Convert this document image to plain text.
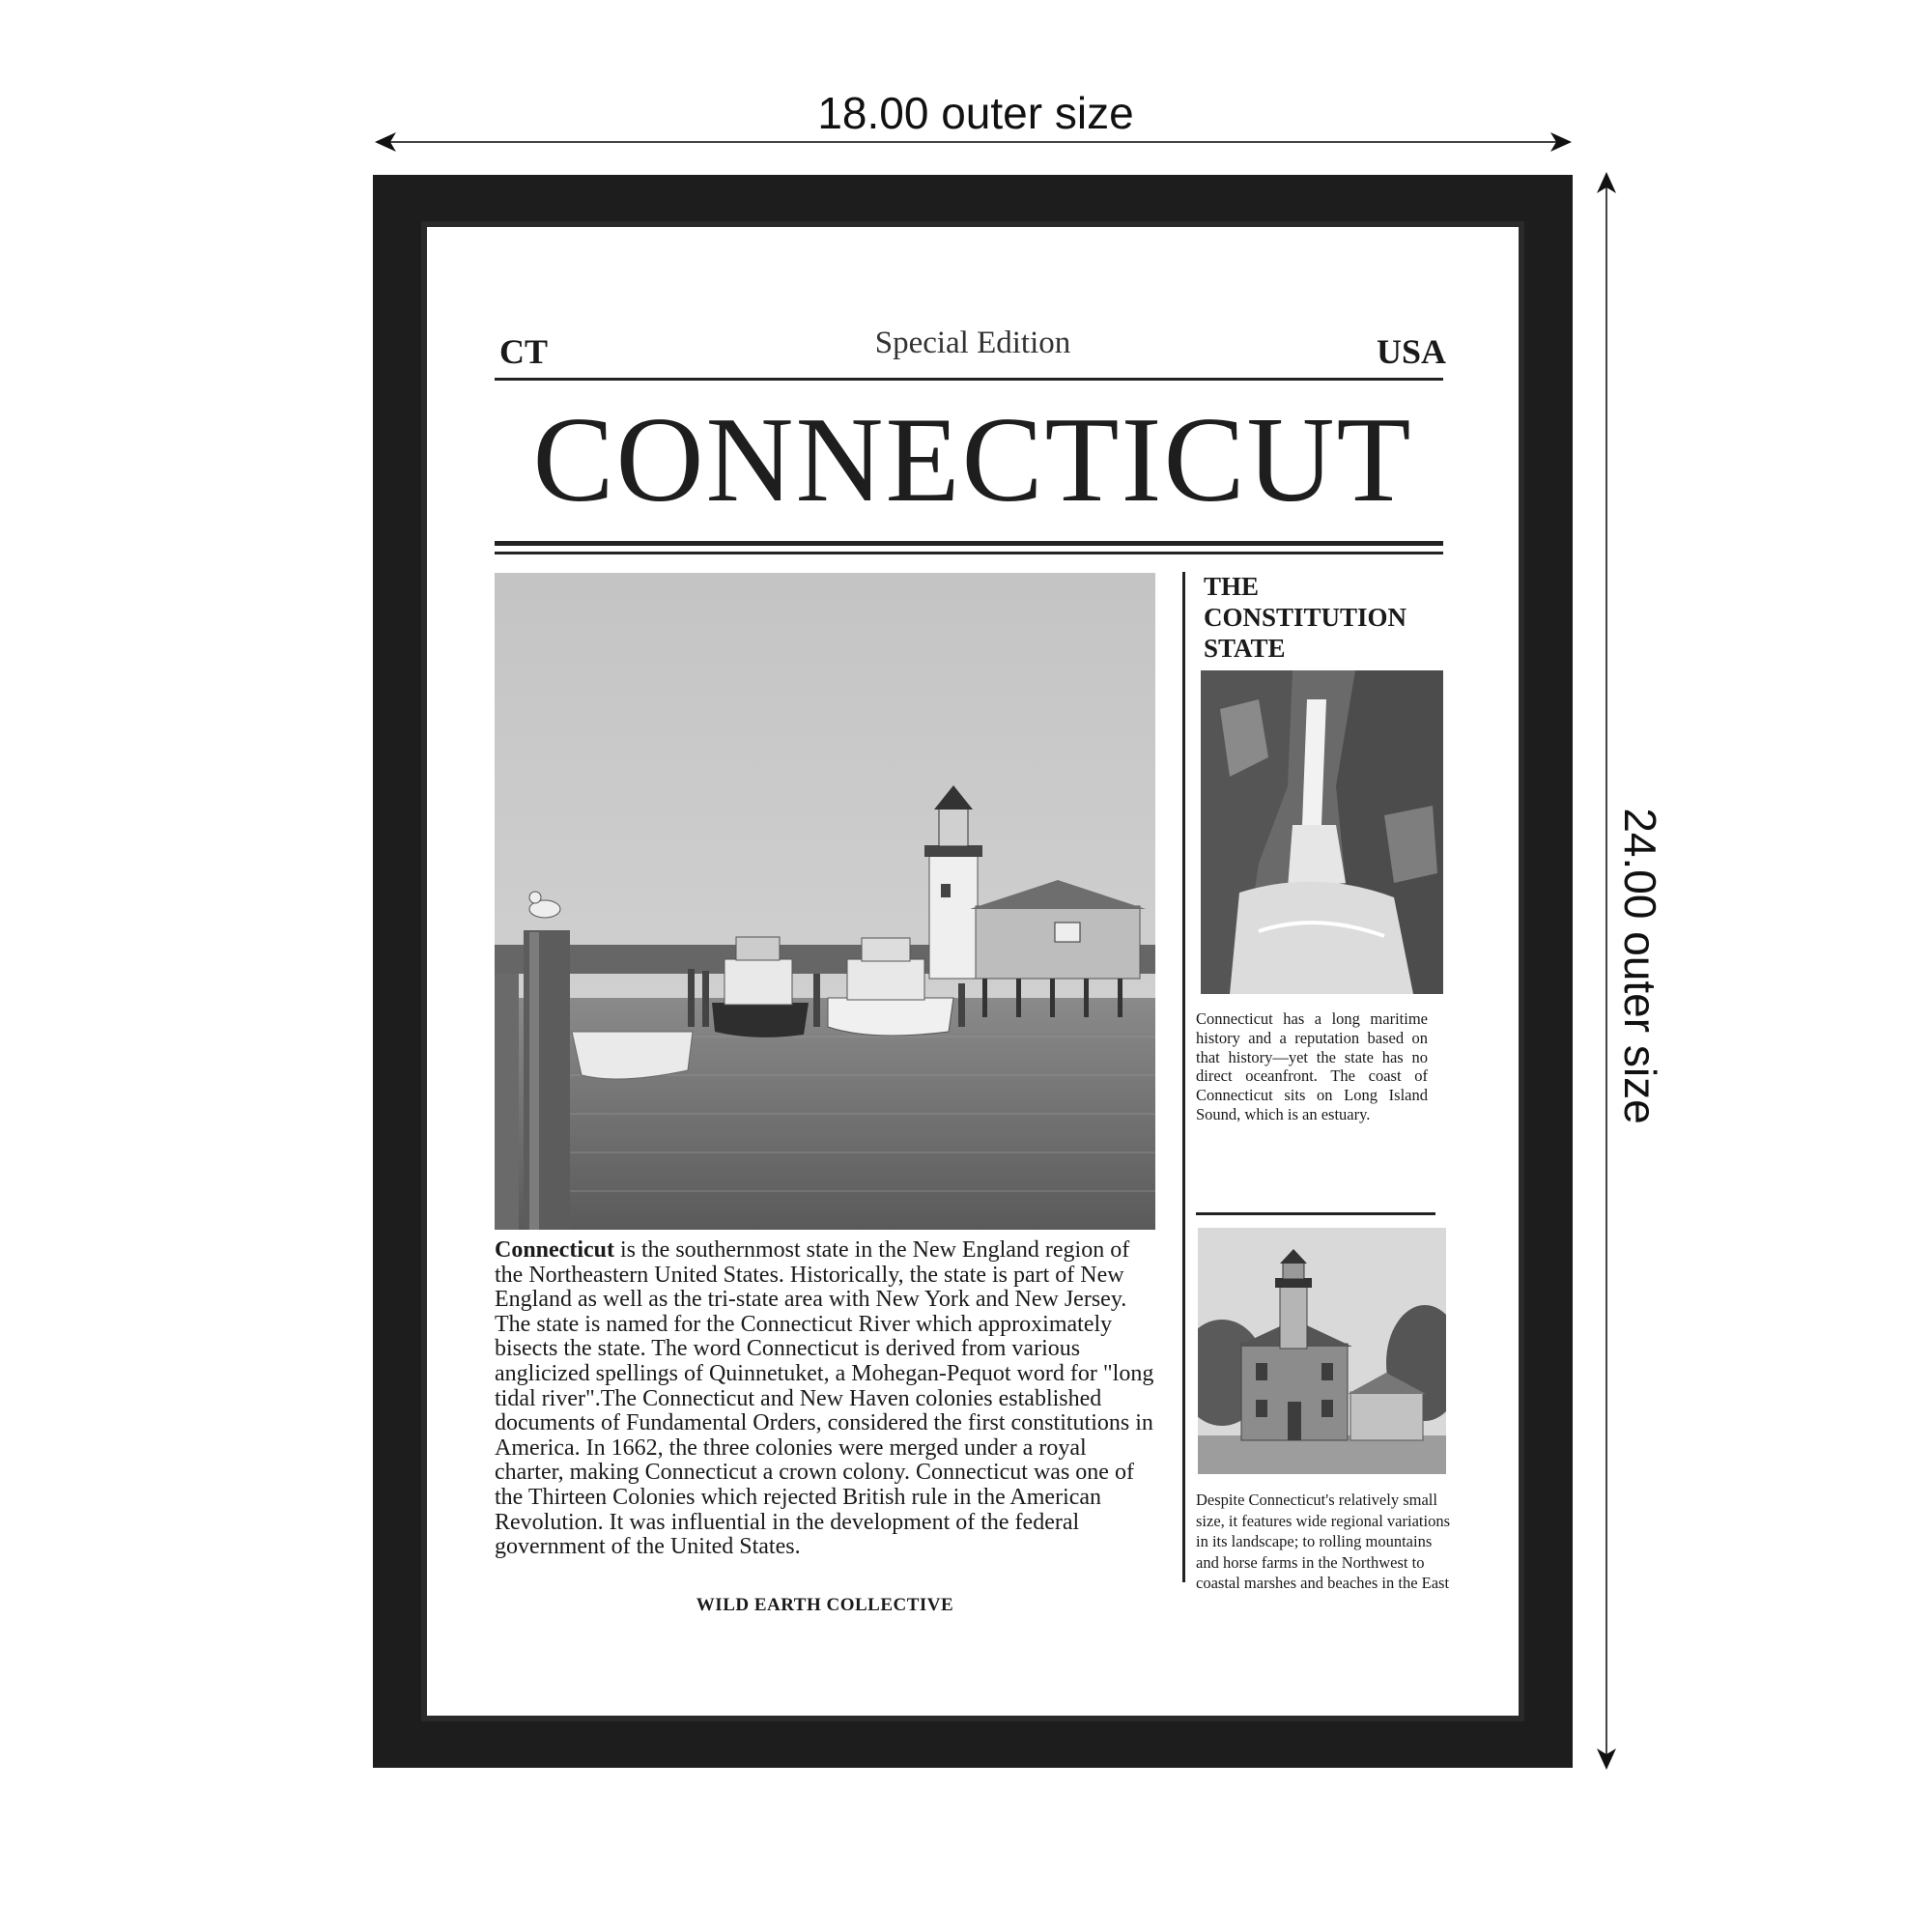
18.00 outer size
24.00 outer size
CT	Special Edition	USA
CONNECTICUT
Connecticut is the southernmost state in the New England region of the Northeastern United States. Historically, the state is part of New England as well as the tri-state area with New York and New Jersey. The state is named for the Connecticut River which approximately bisects the state. The word Connecticut is derived from various anglicized spellings of Quinnetuket, a Mohegan-Pequot word for "long tidal river".The Connecticut and New Haven colonies established documents of Fundamental Orders, considered the first constitutions in America. In 1662, the three colonies were merged under a royal charter, making Connecticut a crown colony. Connecticut was one of the Thirteen Colonies which rejected British rule in the American Revolution. It was influential in the development of the federal government of the United States.
WILD EARTH COLLECTIVE
THE CONSTITUTION STATE
Connecticut has a long maritime history and a reputation based on that history—yet the state has no direct oceanfront. The coast of Connecticut sits on Long Island Sound, which is an estuary.
Despite Connecticut's relatively small size, it features wide regional variations in its landscape; to rolling mountains and horse farms in the Northwest to coastal marshes and beaches in the East
